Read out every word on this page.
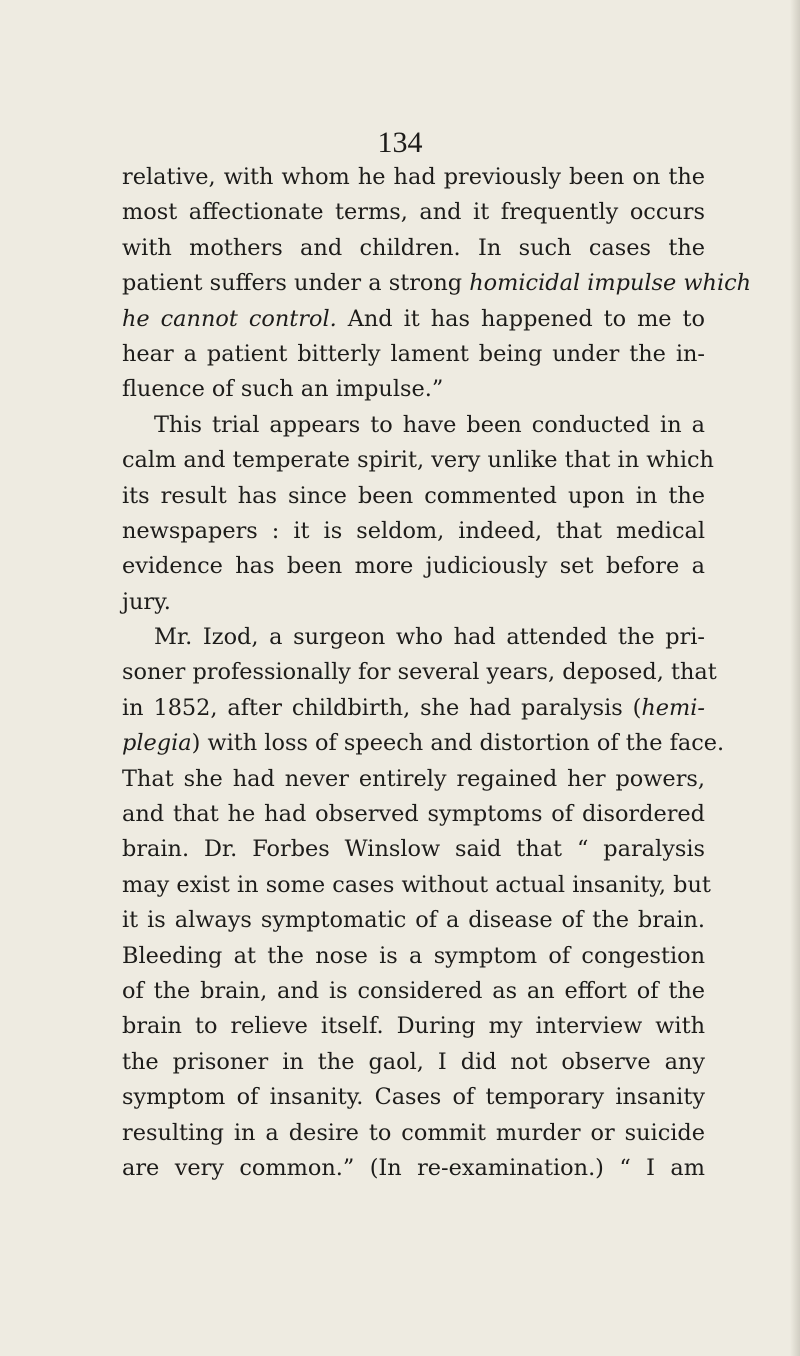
134
relative, with whom he had previously been on the
most affectionate terms, and it frequently occurs
with mothers and children. In such cases the
patient suffers under a strong homicidal impulse which
he cannot control. And it has happened to me to
hear a patient bitterly lament being under the in-
fluence of such an impulse.”
This trial appears to have been conducted in a
calm and temperate spirit, very unlike that in which
its result has since been commented upon in the
newspapers : it is seldom, indeed, that medical
evidence has been more judiciously set before a
jury.
Mr. Izod, a surgeon who had attended the pri-
soner professionally for several years, deposed, that
in 1852, after childbirth, she had paralysis (hemi-
plegia) with loss of speech and distortion of the face.
That she had never entirely regained her powers,
and that he had observed symptoms of disordered
brain. Dr. Forbes Winslow said that “ paralysis
may exist in some cases without actual insanity, but
it is always symptomatic of a disease of the brain.
Bleeding at the nose is a symptom of congestion
of the brain, and is considered as an effort of the
brain to relieve itself. During my interview with
the prisoner in the gaol, I did not observe any
symptom of insanity. Cases of temporary insanity
resulting in a desire to commit murder or suicide
are very common.” (In re-examination.) “ I am
